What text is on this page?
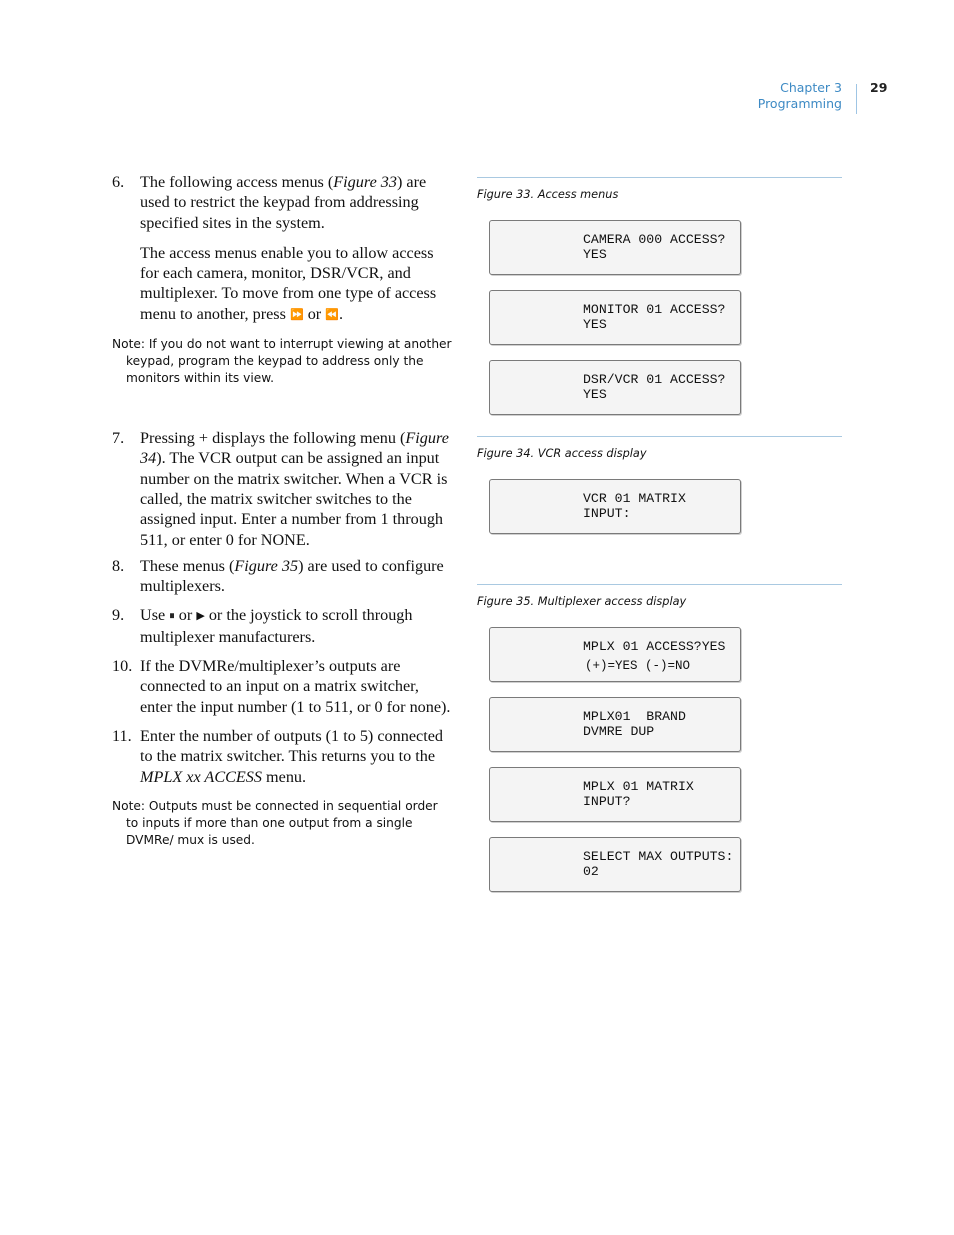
Chapter 3
Programming
29
6. The following access menus (Figure 33) are used to restrict the keypad from addressing specified sites in the system.

The access menus enable you to allow access for each camera, monitor, DSR/VCR, and multiplexer. To move from one type of access menu to another, press ⏩ or ⏪.

Note: If you do not want to interrupt viewing at another keypad, program the keypad to address only the monitors within its view.
7. Pressing + displays the following menu (Figure 34). The VCR output can be assigned an input number on the matrix switcher. When a VCR is called, the matrix switcher switches to the assigned input. Enter a number from 1 through 511, or enter 0 for NONE.

8. These menus (Figure 35) are used to configure multiplexers.

9. Use ⏸ or ▶ or the joystick to scroll through multiplexer manufacturers.

10. If the DVMRe/multiplexer’s outputs are connected to an input on a matrix switcher, enter the input number (1 to 511, or 0 for none).

11. Enter the number of outputs (1 to 5) connected to the matrix switcher. This returns you to the MPLX xx ACCESS menu.

Note: Outputs must be connected in sequential order to inputs if more than one output from a single DVMRe/ mux is used.
Figure 33. Access menus
CAMERA 000 ACCESS?
YES
MONITOR 01 ACCESS?
YES
DSR/VCR 01 ACCESS?
YES
Figure 34. VCR access display
VCR 01 MATRIX
INPUT:
Figure 35. Multiplexer access display
MPLX 01 ACCESS?YES
(+)=YES (-)=NO
MPLX01  BRAND
DVMRE DUP
MPLX 01 MATRIX
INPUT?
SELECT MAX OUTPUTS:
02
